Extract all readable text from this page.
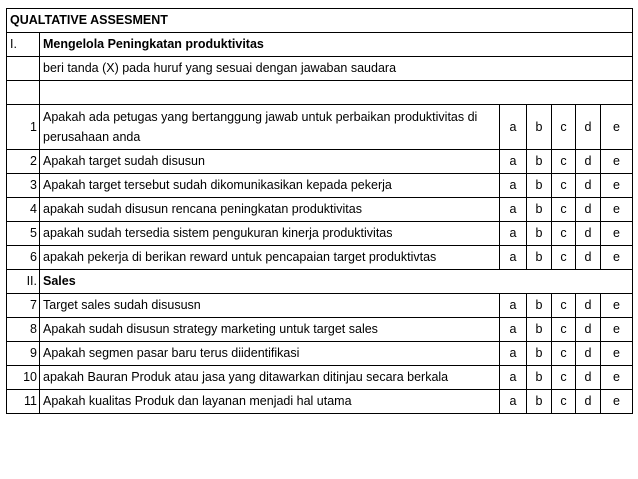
QUALTATIVE ASSESMENT						
I.	Mengelola Peningkatan produktivitas					
	beri tanda (X) pada huruf yang sesuai dengan jawaban saudara					

1	Apakah ada petugas yang bertanggung jawab untuk perbaikan produktivitas di perusahaan anda	a	b	c	d	e
2	Apakah target sudah disusun	a	b	c	d	e
3	Apakah target tersebut sudah dikomunikasikan kepada pekerja	a	b	c	d	e
4	apakah sudah disusun rencana peningkatan produktivitas	a	b	c	d	e
5	apakah sudah tersedia sistem pengukuran kinerja produktivitas	a	b	c	d	e
6	apakah pekerja di berikan reward untuk pencapaian target produktivtas	a	b	c	d	e
II.	Sales					
7	Target sales sudah disususn	a	b	c	d	e
8	Apakah sudah disusun strategy marketing untuk target sales	a	b	c	d	e
9	Apakah segmen pasar baru terus diidentifikasi	a	b	c	d	e
10	apakah Bauran Produk atau jasa yang ditawarkan ditinjau secara berkala	a	b	c	d	e
11	Apakah kualitas Produk dan layanan menjadi hal utama	a	b	c	d	e
